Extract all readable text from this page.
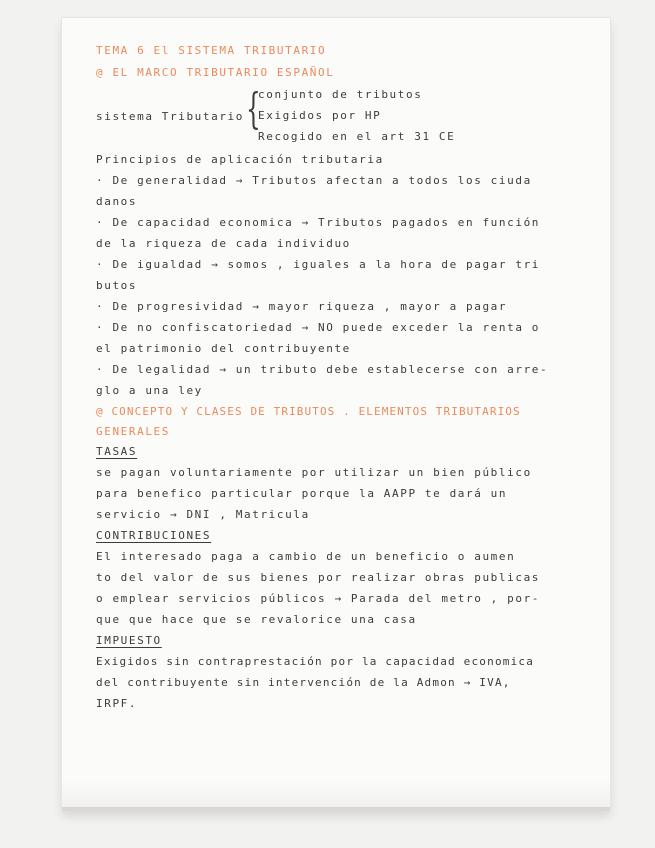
TEMA 6 El SISTEMA TRIBUTARIO
@ EL MARCO TRIBUTARIO ESPAÑOL
sistema Tributario {
conjunto de tributos
Exigidos por HP
Recogido en el art 31 CE
Principios de aplicación tributaria
· De generalidad → Tributos afectan a todos los ciuda
danos
· De capacidad economica → Tributos pagados en función
de la riqueza de cada individuo
· De igualdad → somos , iguales a la hora de pagar tri
butos
· De progresividad → mayor riqueza , mayor a pagar
· De no confiscatoriedad → NO puede exceder la renta o
el patrimonio del contribuyente
· De legalidad → un tributo debe establecerse con arre-
glo a una ley
@ CONCEPTO Y CLASES DE TRIBUTOS . ELEMENTOS TRIBUTARIOS
GENERALES
TASAS
se pagan voluntariamente por utilizar un bien público
para benefico particular porque la AAPP te dará un
servicio → DNI , Matricula
CONTRIBUCIONES
El interesado paga a cambio de un beneficio o aumen
to del valor de sus bienes por realizar obras publicas
o emplear servicios públicos → Parada del metro , por-
que que hace que se revalorice una casa
IMPUESTO
Exigidos sin contraprestación por la capacidad economica
del contribuyente sin intervención de la Admon → IVA,
IRPF.
